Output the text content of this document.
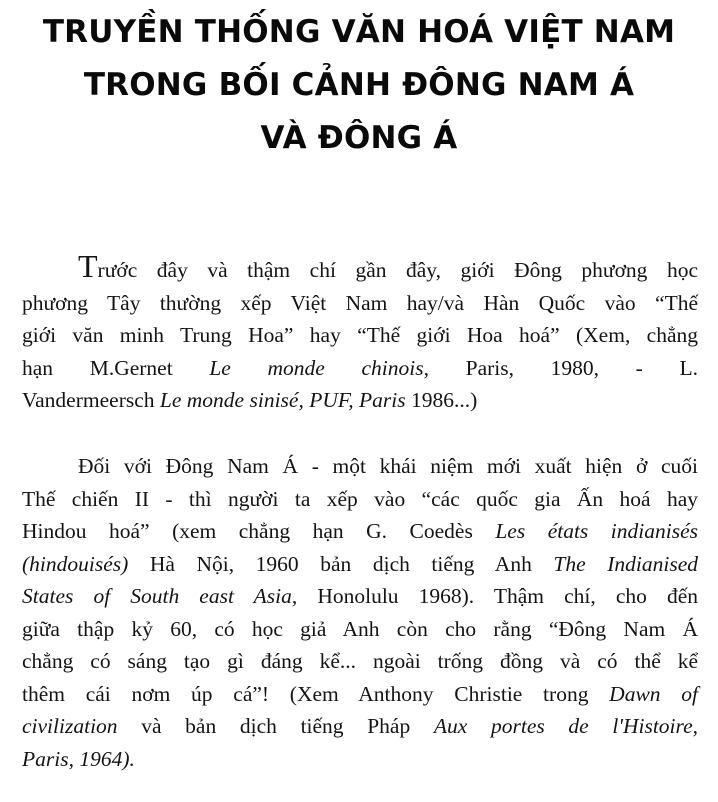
TRUYỀN THỐNG VĂN HOÁ VIỆT NAM
TRONG BỐI CẢNH ĐÔNG NAM Á
VÀ ĐÔNG Á
Trước đây và thậm chí gần đây, giới Đông phương học
phương Tây thường xếp Việt Nam hay/và Hàn Quốc vào “Thế
giới văn minh Trung Hoa” hay “Thế giới Hoa hoá” (Xem, chẳng
hạn M.Gernet Le monde chinois, Paris, 1980, - L.
Vandermeersch Le monde sinisé, PUF, Paris 1986...)
Đối với Đông Nam Á - một khái niệm mới xuất hiện ở cuối
Thế chiến II - thì người ta xếp vào “các quốc gia Ấn hoá hay
Hindou hoá” (xem chẳng hạn G. Coedès Les états indianisés
(hindouisés) Hà Nội, 1960 bản dịch tiếng Anh The Indianised
States of South east Asia, Honolulu 1968). Thậm chí, cho đến
giữa thập kỷ 60, có học giả Anh còn cho rằng “Đông Nam Á
chẳng có sáng tạo gì đáng kể... ngoài trống đồng và có thể kể
thêm cái nơm úp cá”! (Xem Anthony Christie trong Dawn of
civilization và bản dịch tiếng Pháp Aux portes de l'Histoire,
Paris, 1964).
